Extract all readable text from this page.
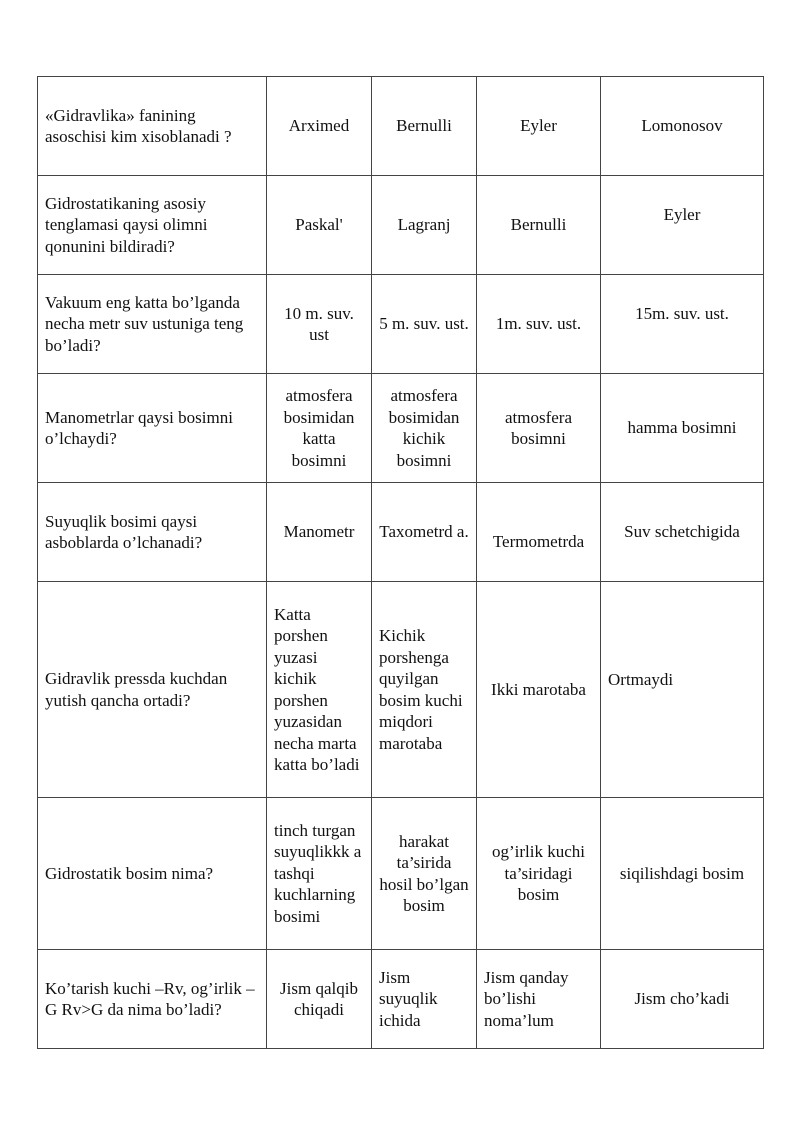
«Gidravlika» fanining asoschisi kim xisoblanadi ?	Arximed	Bernulli	Eyler	Lomonosov
Gidrostatikaning asosiy tenglamasi qaysi olimni qonunini bildiradi?	Paskal'	Lagranj	Bernulli	Eyler
Vakuum eng katta bo’lganda necha metr suv ustuniga teng bo’ladi?	10 m. suv. ust	5 m. suv. ust.	1m. suv. ust.	15m. suv. ust.
Manometrlar qaysi bosimni o’lchaydi?	atmosfera bosimidan katta bosimni	atmosfera bosimidan kichik bosimni	atmosfera bosimni	hamma bosimni
Suyuqlik bosimi qaysi asboblarda o’lchanadi?	Manometr	Taxometrd a.	Termometrda	Suv schetchigida
Gidravlik pressda kuchdan yutish qancha ortadi?	Katta porshen yuzasi kichik porshen yuzasidan necha marta katta bo’ladi	Kichik porshenga quyilgan bosim kuchi miqdori marotaba	Ikki marotaba	Ortmaydi
Gidrostatik bosim nima?	tinch turgan suyuqlikkk a tashqi kuchlarning bosimi	harakat ta’sirida hosil bo’lgan bosim	og’irlik kuchi ta’siridagi bosim	siqilishdagi bosim
Ko’tarish kuchi –Rv, og’irlik –G Rv>G da nima bo’ladi?	Jism qalqib chiqadi	Jism suyuqlik ichida	Jism qanday bo’lishi noma’lum	Jism cho’kadi
